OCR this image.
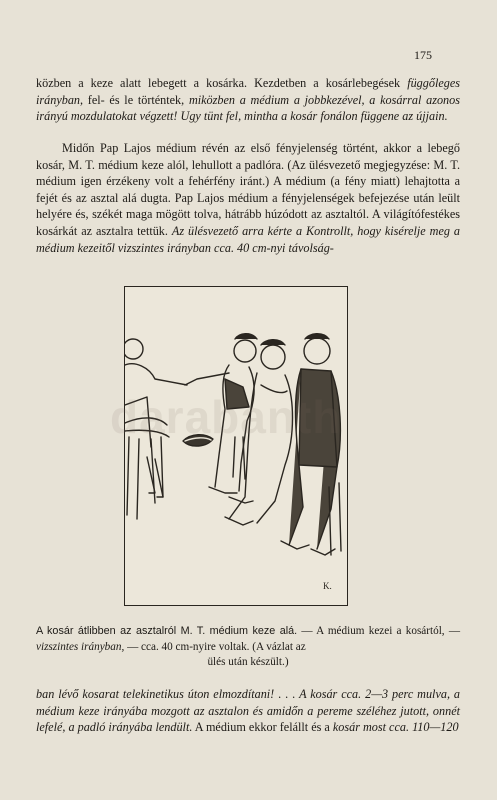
175

közben a keze alatt lebegett a kosárka. Kezdetben a kosárlebegések függőleges irányban, fel- és le történtek, miközben a médium a jobbkezével, a kosárral azonos irányú mozdulatokat végzett! Ugy tünt fel, mintha a kosár fonálon függene az újjain.

Midőn Pap Lajos médium révén az első fényjelenség történt, akkor a lebegő kosár, M. T. médium keze alól, lehullott a padlóra. (Az ülésvezető megjegyzése: M. T. médium igen érzékeny volt a fehérfény iránt.) A médium (a fény miatt) lehajtotta a fejét és az asztal alá dugta. Pap Lajos médium a fényjelenségek befejezése után leült helyére és, székét maga mögött tolva, hátrább húzódott az asztaltól. A világítófestékes kosárkát az asztalra tettük. Az ülésvezető arra kérte a Kontrollt, hogy kisérelje meg a médium kezeitől vizszintes irányban cca. 40 cm-nyi távolság-

K.

A kosár átlibben az asztalról M. T. médium keze alá. — A médium kezei a kosártól, — vizszintes irányban, — cca. 40 cm-nyire voltak. (A vázlat az
ülés után készült.)

ban lévő kosarat telekinetikus úton elmozdítani! . . . A kosár cca. 2—3 perc mulva, a médium keze irányába mozgott az asztalon és amidőn a pereme széléhez jutott, onnét lefelé, a padló irányába lendült. A médium ekkor felállt és a kosár most cca. 110—120
